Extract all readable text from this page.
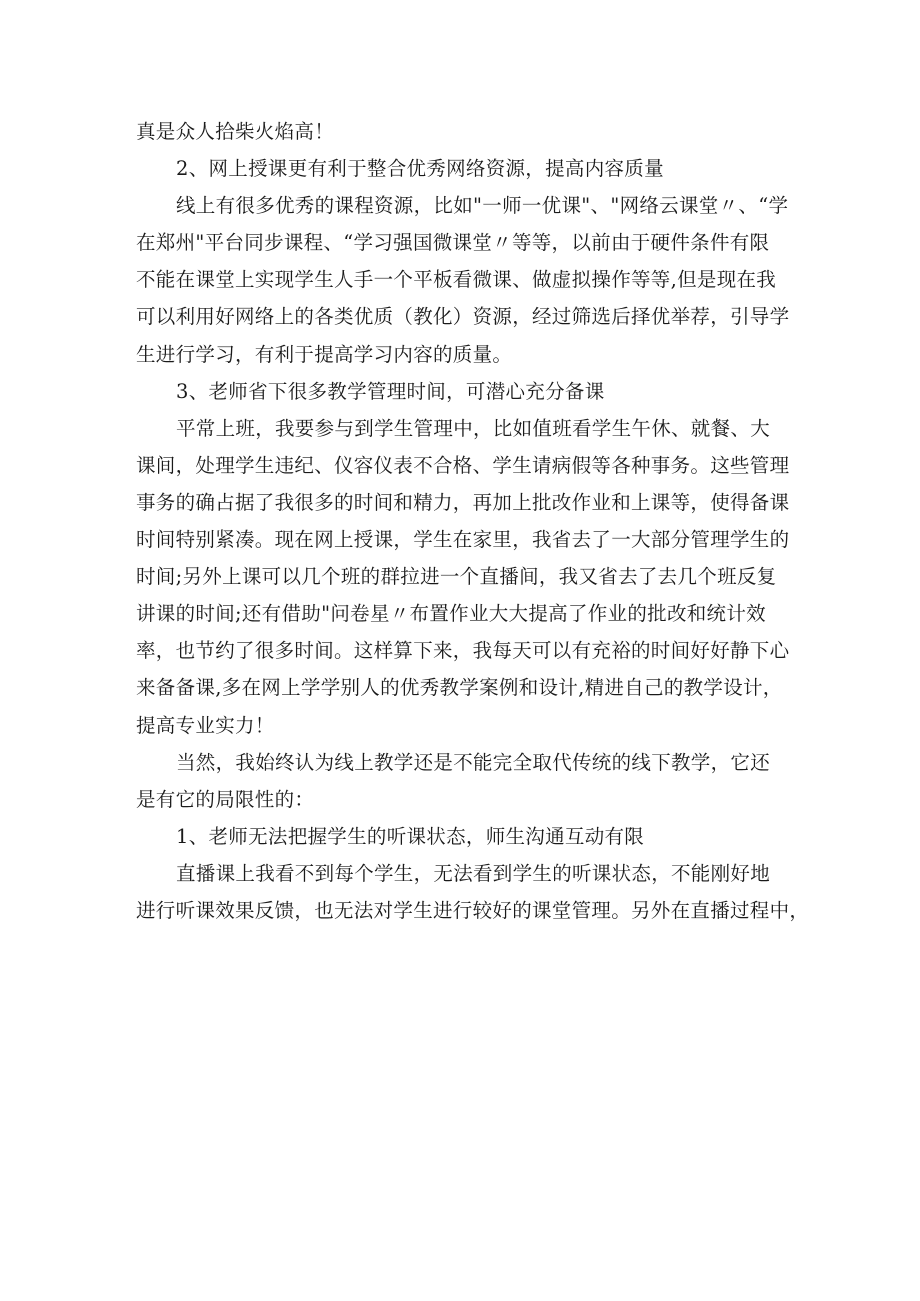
真是众人拾柴火焰高！
2、网上授课更有利于整合优秀网络资源，提高内容质量
线上有很多优秀的课程资源，比如"一师一优课"、"网络云课堂〃、“学
在郑州"平台同步课程、“学习强国微课堂〃等等，以前由于硬件条件有限
不能在课堂上实现学生人手一个平板看微课、做虚拟操作等等,但是现在我
可以利用好网络上的各类优质（教化）资源，经过筛选后择优举荐，引导学
生进行学习，有利于提高学习内容的质量。
3、老师省下很多教学管理时间，可潜心充分备课
平常上班，我要参与到学生管理中，比如值班看学生午休、就餐、大
课间，处理学生违纪、仪容仪表不合格、学生请病假等各种事务。这些管理
事务的确占据了我很多的时间和精力，再加上批改作业和上课等，使得备课
时间特别紧凑。现在网上授课，学生在家里，我省去了一大部分管理学生的
时间;另外上课可以几个班的群拉进一个直播间，我又省去了去几个班反复
讲课的时间;还有借助"问卷星〃布置作业大大提高了作业的批改和统计效
率，也节约了很多时间。这样算下来，我每天可以有充裕的时间好好静下心
来备备课,多在网上学学别人的优秀教学案例和设计,精进自己的教学设计，
提高专业实力！
当然，我始终认为线上教学还是不能完全取代传统的线下教学，它还
是有它的局限性的：
1、老师无法把握学生的听课状态，师生沟通互动有限
直播课上我看不到每个学生，无法看到学生的听课状态，不能刚好地
进行听课效果反馈，也无法对学生进行较好的课堂管理。另外在直播过程中，
